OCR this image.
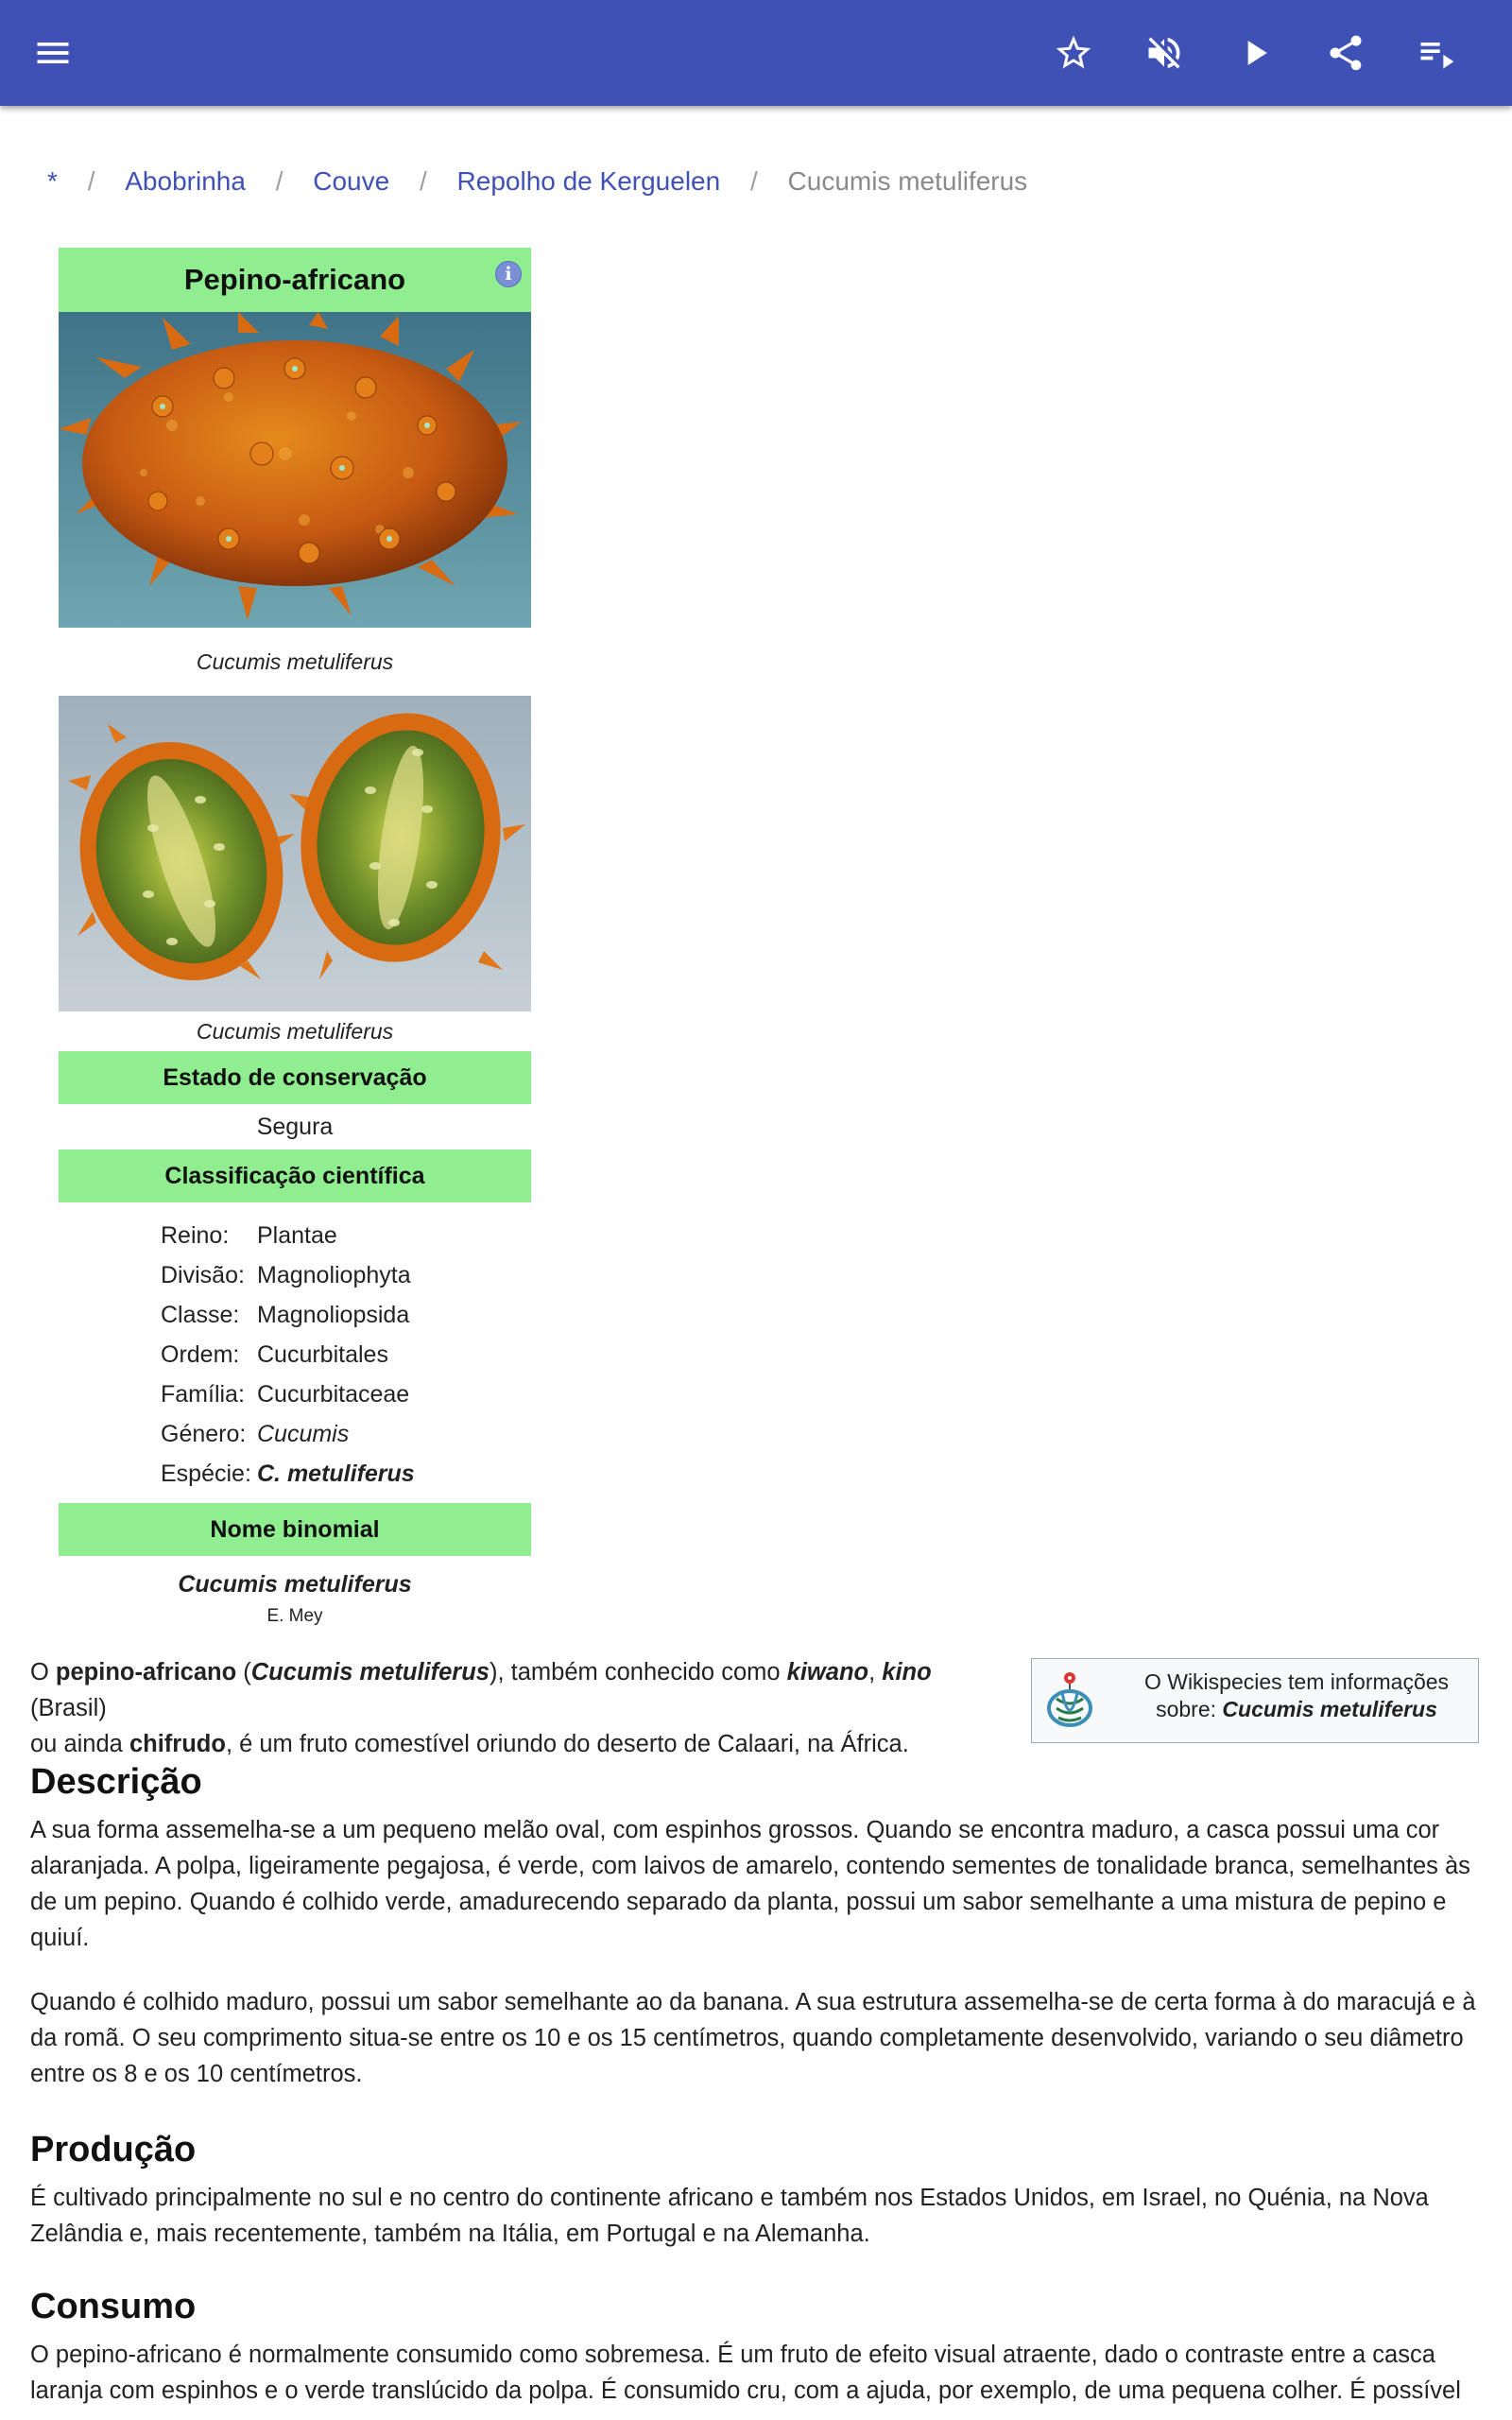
* / Abobrinha / Couve / Repolho de Kerguelen / Cucumis metuliferus
Pepino-africano	i
Cucumis metuliferus
Cucumis metuliferus
Estado de conservação
Segura
Classificação científica
Reino:	Plantae
Divisão: Magnoliophyta
Classe: Magnoliopsida
Ordem: Cucurbitales
Família: Cucurbitaceae
Género: Cucumis
Espécie: C. metuliferus
Nome binomial
Cucumis metuliferus
E. Mey
O Wikispecies tem informações
sobre: Cucumis metuliferus
O pepino-africano (Cucumis metuliferus), também conhecido como kiwano, kino (Brasil)
ou ainda chifrudo, é um fruto comestível oriundo do deserto de Calaari, na África.
Descrição
A sua forma assemelha-se a um pequeno melão oval, com espinhos grossos. Quando se encontra maduro, a casca possui uma cor alaranjada. A polpa, ligeiramente pegajosa, é verde, com laivos de amarelo, contendo sementes de tonalidade branca, semelhantes às de um pepino. Quando é colhido verde, amadurecendo separado da planta, possui um sabor semelhante a uma mistura de pepino e quiuí.
Quando é colhido maduro, possui um sabor semelhante ao da banana. A sua estrutura assemelha-se de certa forma à do maracujá e à da romã. O seu comprimento situa-se entre os 10 e os 15 centímetros, quando completamente desenvolvido, variando o seu diâmetro entre os 8 e os 10 centímetros.
Produção
É cultivado principalmente no sul e no centro do continente africano e também nos Estados Unidos, em Israel, no Quénia, na Nova Zelândia e, mais recentemente, também na Itália, em Portugal e na Alemanha.
Consumo
O pepino-africano é normalmente consumido como sobremesa. É um fruto de efeito visual atraente, dado o contraste entre a casca laranja com espinhos e o verde translúcido da polpa. É consumido cru, com a ajuda, por exemplo, de uma pequena colher. É possível
